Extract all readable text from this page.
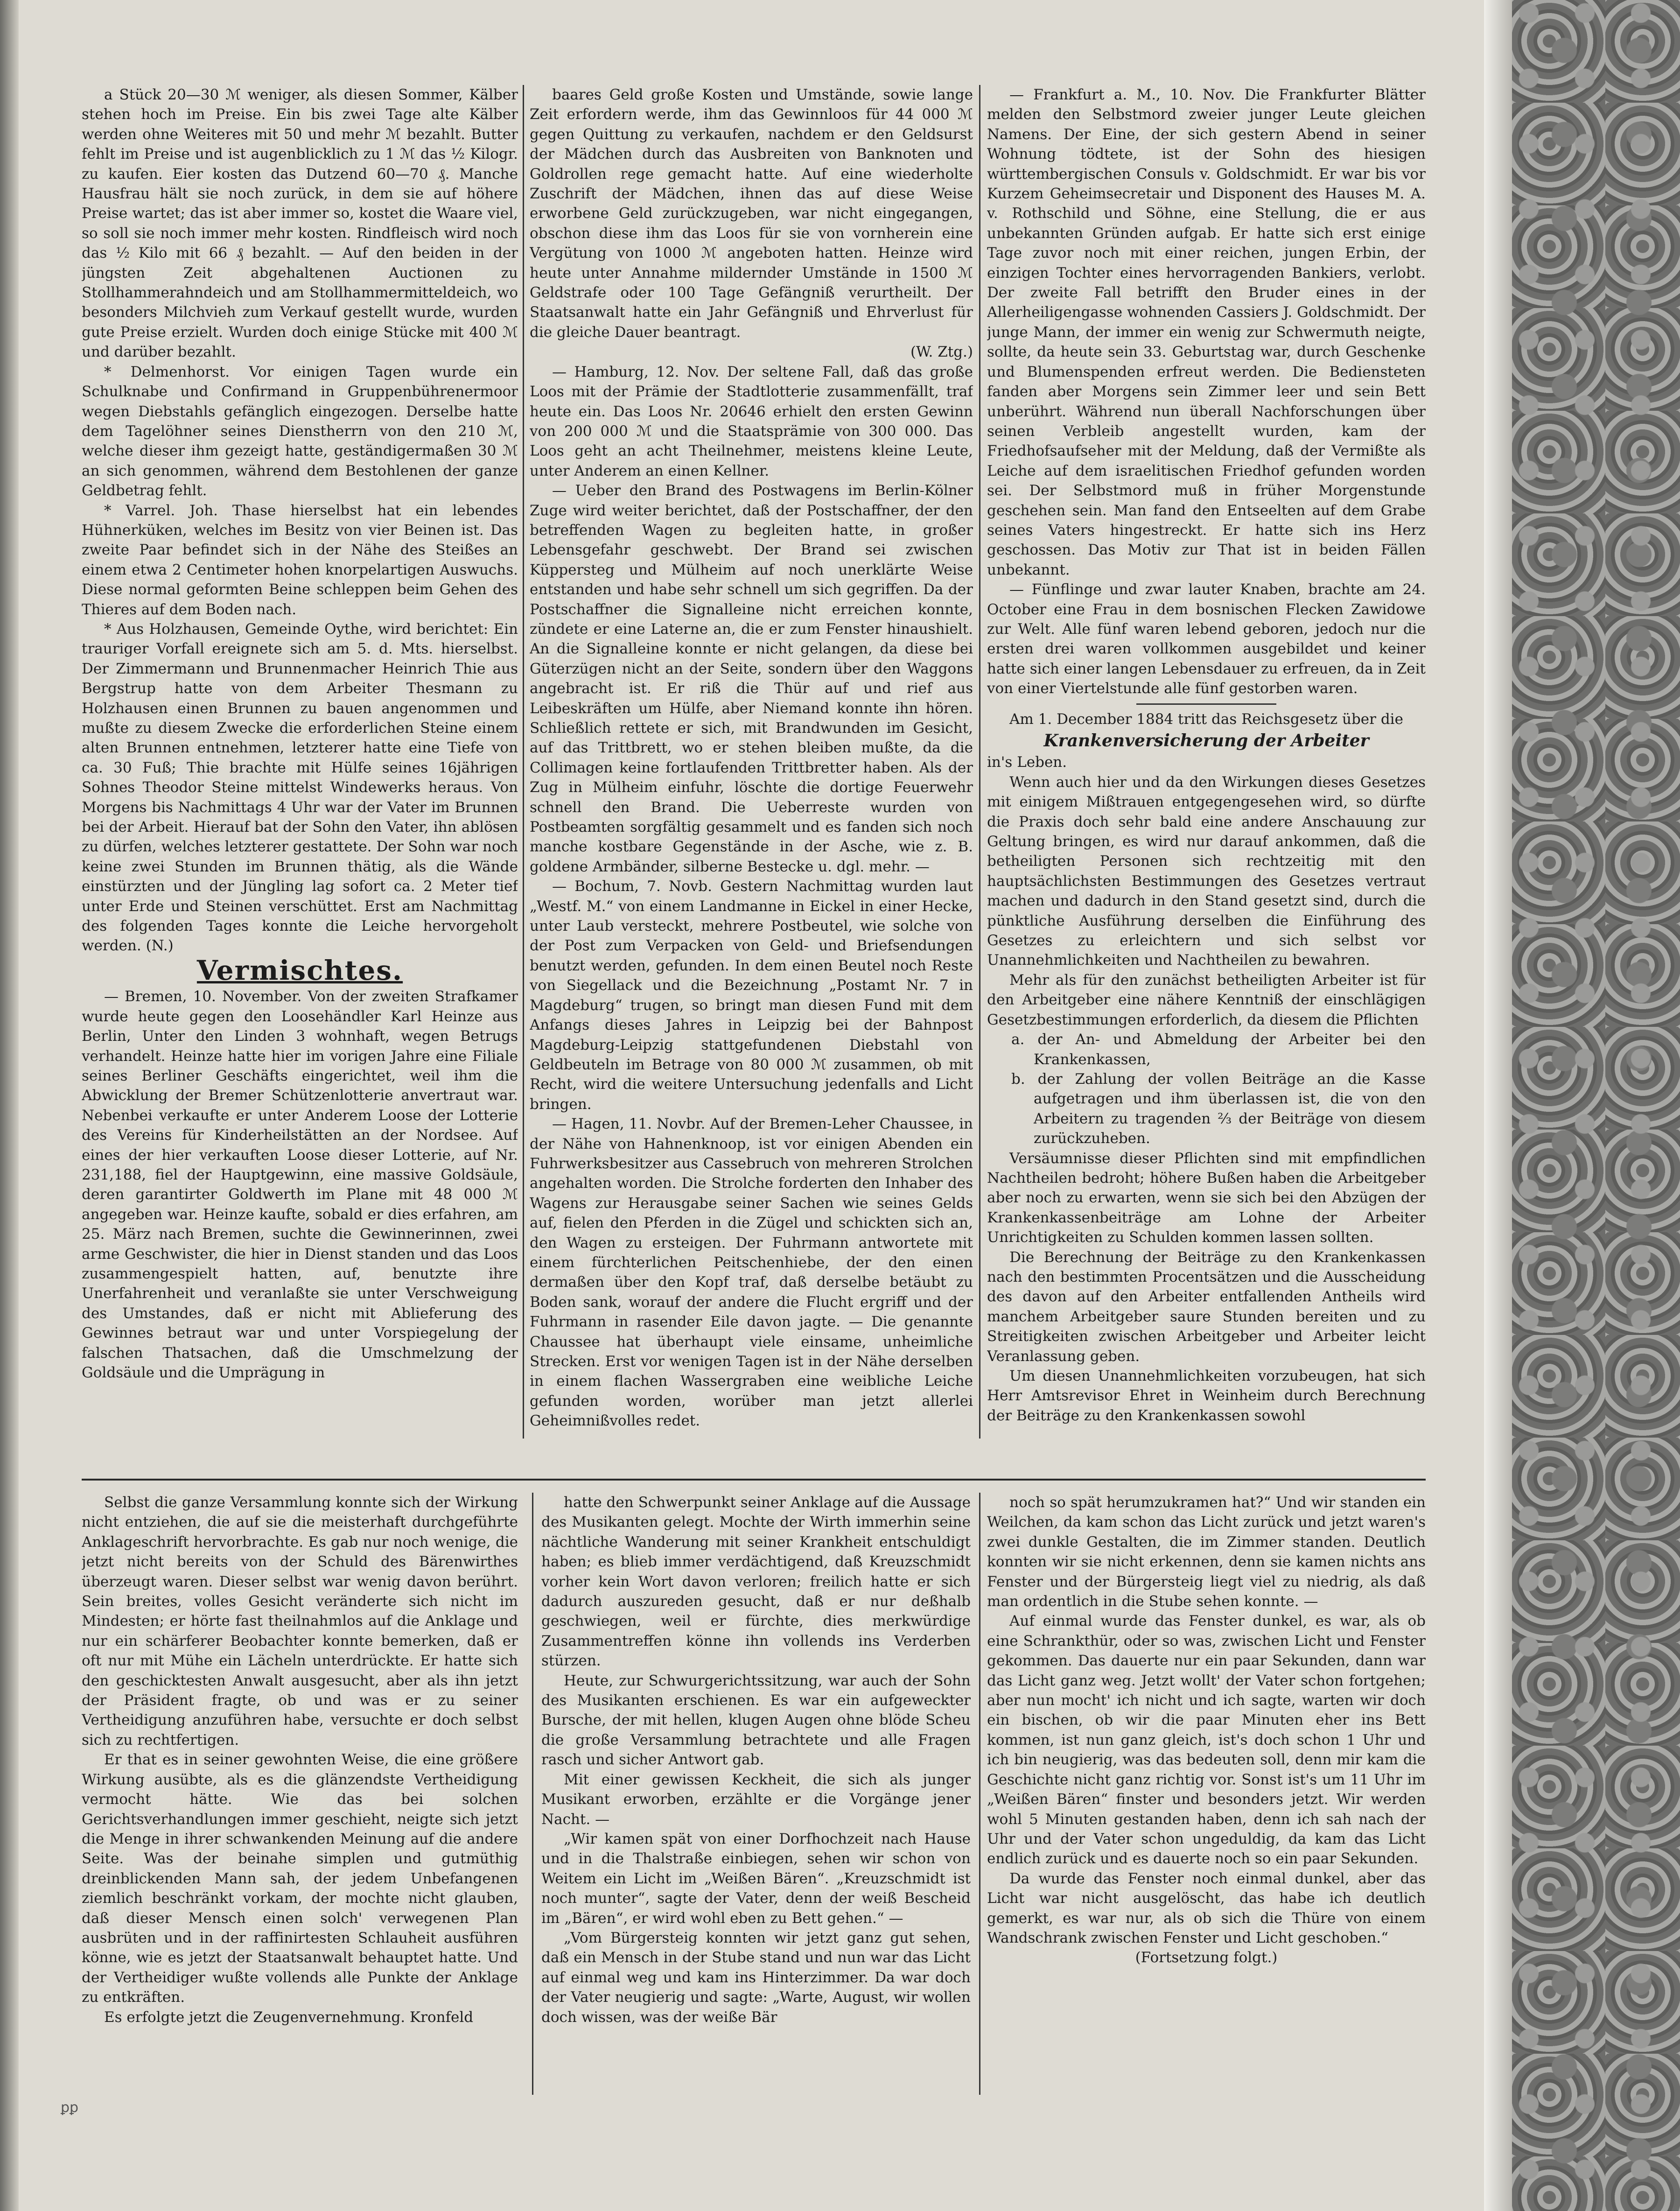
a Stück 20—30 ℳ weniger, als diesen Sommer, Kälber stehen hoch im Preise. Ein bis zwei Tage alte Kälber werden ohne Weiteres mit 50 und mehr ℳ bezahlt. Butter fehlt im Preise und ist augenblicklich zu 1 ℳ das ½ Kilogr. zu kaufen. Eier kosten das Dutzend 60—70 ₰. Manche Hausfrau hält sie noch zurück, in dem sie auf höhere Preise wartet; das ist aber immer so, kostet die Waare viel, so soll sie noch immer mehr kosten. Rindfleisch wird noch das ½ Kilo mit 66 ₰ bezahlt. — Auf den beiden in der jüngsten Zeit abgehaltenen Auctionen zu Stollhammerahndeich und am Stollhammermitteldeich, wo besonders Milchvieh zum Verkauf gestellt wurde, wurden gute Preise erzielt. Wurden doch einige Stücke mit 400 ℳ und darüber bezahlt.

* Delmenhorst. Vor einigen Tagen wurde ein Schulknabe und Confirmand in Gruppenbührenermoor wegen Diebstahls gefänglich eingezogen. Derselbe hatte dem Tagelöhner seines Dienstherrn von den 210 ℳ, welche dieser ihm gezeigt hatte, geständigermaßen 30 ℳ an sich genommen, während dem Bestohlenen der ganze Geldbetrag fehlt.

* Varrel. Joh. Thase hierselbst hat ein lebendes Hühnerküken, welches im Besitz von vier Beinen ist. Das zweite Paar befindet sich in der Nähe des Steißes an einem etwa 2 Centimeter hohen knorpelartigen Auswuchs. Diese normal geformten Beine schleppen beim Gehen des Thieres auf dem Boden nach.

* Aus Holzhausen, Gemeinde Oythe, wird berichtet: Ein trauriger Vorfall ereignete sich am 5. d. Mts. hierselbst. Der Zimmermann und Brunnenmacher Heinrich Thie aus Bergstrup hatte von dem Arbeiter Thesmann zu Holzhausen einen Brunnen zu bauen angenommen und mußte zu diesem Zwecke die erforderlichen Steine einem alten Brunnen entnehmen, letzterer hatte eine Tiefe von ca. 30 Fuß; Thie brachte mit Hülfe seines 16jährigen Sohnes Theodor Steine mittelst Windewerks heraus. Von Morgens bis Nachmittags 4 Uhr war der Vater im Brunnen bei der Arbeit. Hierauf bat der Sohn den Vater, ihn ablösen zu dürfen, welches letzterer gestattete. Der Sohn war noch keine zwei Stunden im Brunnen thätig, als die Wände einstürzten und der Jüngling lag sofort ca. 2 Meter tief unter Erde und Steinen verschüttet. Erst am Nachmittag des folgenden Tages konnte die Leiche hervorgeholt werden. (N.)

Vermischtes.

— Bremen, 10. November. Von der zweiten Strafkamer wurde heute gegen den Loosehändler Karl Heinze aus Berlin, Unter den Linden 3 wohnhaft, wegen Betrugs verhandelt. Heinze hatte hier im vorigen Jahre eine Filiale seines Berliner Geschäfts eingerichtet, weil ihm die Abwicklung der Bremer Schützenlotterie anvertraut war. Nebenbei verkaufte er unter Anderem Loose der Lotterie des Vereins für Kinderheilstätten an der Nordsee. Auf eines der hier verkauften Loose dieser Lotterie, auf Nr. 231,188, fiel der Hauptgewinn, eine massive Goldsäule, deren garantirter Goldwerth im Plane mit 48 000 ℳ angegeben war. Heinze kaufte, sobald er dies erfahren, am 25. März nach Bremen, suchte die Gewinnerinnen, zwei arme Geschwister, die hier in Dienst standen und das Loos zusammengespielt hatten, auf, benutzte ihre Unerfahrenheit und veranlaßte sie unter Verschweigung des Umstandes, daß er nicht mit Ablieferung des Gewinnes betraut war und unter Vorspiegelung der falschen Thatsachen, daß die Umschmelzung der Goldsäule und die Umprägung in

baares Geld große Kosten und Umstände, sowie lange Zeit erfordern werde, ihm das Gewinnloos für 44 000 ℳ gegen Quittung zu verkaufen, nachdem er den Geldsurst der Mädchen durch das Ausbreiten von Banknoten und Goldrollen rege gemacht hatte. Auf eine wiederholte Zuschrift der Mädchen, ihnen das auf diese Weise erworbene Geld zurückzugeben, war nicht eingegangen, obschon diese ihm das Loos für sie von vornherein eine Vergütung von 1000 ℳ angeboten hatten. Heinze wird heute unter Annahme mildernder Umstände in 1500 ℳ Geldstrafe oder 100 Tage Gefängniß verurtheilt. Der Staatsanwalt hatte ein Jahr Gefängniß und Ehrverlust für die gleiche Dauer beantragt.

(W. Ztg.)

— Hamburg, 12. Nov. Der seltene Fall, daß das große Loos mit der Prämie der Stadtlotterie zusammenfällt, traf heute ein. Das Loos Nr. 20646 erhielt den ersten Gewinn von 200 000 ℳ und die Staatsprämie von 300 000. Das Loos geht an acht Theilnehmer, meistens kleine Leute, unter Anderem an einen Kellner.

— Ueber den Brand des Postwagens im Berlin-Kölner Zuge wird weiter berichtet, daß der Postschaffner, der den betreffenden Wagen zu begleiten hatte, in großer Lebensgefahr geschwebt. Der Brand sei zwischen Küppersteg und Mülheim auf noch unerklärte Weise entstanden und habe sehr schnell um sich gegriffen. Da der Postschaffner die Signalleine nicht erreichen konnte, zündete er eine Laterne an, die er zum Fenster hinaushielt. An die Signalleine konnte er nicht gelangen, da diese bei Güterzügen nicht an der Seite, sondern über den Waggons angebracht ist. Er riß die Thür auf und rief aus Leibeskräften um Hülfe, aber Niemand konnte ihn hören. Schließlich rettete er sich, mit Brandwunden im Gesicht, auf das Trittbrett, wo er stehen bleiben mußte, da die Collimagen keine fortlaufenden Trittbretter haben. Als der Zug in Mülheim einfuhr, löschte die dortige Feuerwehr schnell den Brand. Die Ueberreste wurden von Postbeamten sorgfältig gesammelt und es fanden sich noch manche kostbare Gegenstände in der Asche, wie z. B. goldene Armbänder, silberne Bestecke u. dgl. mehr. —

— Bochum, 7. Novb. Gestern Nachmittag wurden laut „Westf. M.“ von einem Landmanne in Eickel in einer Hecke, unter Laub versteckt, mehrere Postbeutel, wie solche von der Post zum Verpacken von Geld- und Briefsendungen benutzt werden, gefunden. In dem einen Beutel noch Reste von Siegellack und die Bezeichnung „Postamt Nr. 7 in Magdeburg“ trugen, so bringt man diesen Fund mit dem Anfangs dieses Jahres in Leipzig bei der Bahnpost Magdeburg-Leipzig stattgefundenen Diebstahl von Geldbeuteln im Betrage von 80 000 ℳ zusammen, ob mit Recht, wird die weitere Untersuchung jedenfalls and Licht bringen.

— Hagen, 11. Novbr. Auf der Bremen-Leher Chaussee, in der Nähe von Hahnenknoop, ist vor einigen Abenden ein Fuhrwerksbesitzer aus Cassebruch von mehreren Strolchen angehalten worden. Die Strolche forderten den Inhaber des Wagens zur Herausgabe seiner Sachen wie seines Gelds auf, fielen den Pferden in die Zügel und schickten sich an, den Wagen zu ersteigen. Der Fuhrmann antwortete mit einem fürchterlichen Peitschenhiebe, der den einen dermaßen über den Kopf traf, daß derselbe betäubt zu Boden sank, worauf der andere die Flucht ergriff und der Fuhrmann in rasender Eile davon jagte. — Die genannte Chaussee hat überhaupt viele einsame, unheimliche Strecken. Erst vor wenigen Tagen ist in der Nähe derselben in einem flachen Wassergraben eine weibliche Leiche gefunden worden, worüber man jetzt allerlei Geheimnißvolles redet.

— Frankfurt a. M., 10. Nov. Die Frankfurter Blätter melden den Selbstmord zweier junger Leute gleichen Namens. Der Eine, der sich gestern Abend in seiner Wohnung tödtete, ist der Sohn des hiesigen württembergischen Consuls v. Goldschmidt. Er war bis vor Kurzem Geheimsecretair und Disponent des Hauses M. A. v. Rothschild und Söhne, eine Stellung, die er aus unbekannten Gründen aufgab. Er hatte sich erst einige Tage zuvor noch mit einer reichen, jungen Erbin, der einzigen Tochter eines hervorragenden Bankiers, verlobt. Der zweite Fall betrifft den Bruder eines in der Allerheiligengasse wohnenden Cassiers J. Goldschmidt. Der junge Mann, der immer ein wenig zur Schwermuth neigte, sollte, da heute sein 33. Geburtstag war, durch Geschenke und Blumenspenden erfreut werden. Die Bediensteten fanden aber Morgens sein Zimmer leer und sein Bett unberührt. Während nun überall Nachforschungen über seinen Verbleib angestellt wurden, kam der Friedhofsaufseher mit der Meldung, daß der Vermißte als Leiche auf dem israelitischen Friedhof gefunden worden sei. Der Selbstmord muß in früher Morgenstunde geschehen sein. Man fand den Entseelten auf dem Grabe seines Vaters hingestreckt. Er hatte sich ins Herz geschossen. Das Motiv zur That ist in beiden Fällen unbekannt.

— Fünflinge und zwar lauter Knaben, brachte am 24. October eine Frau in dem bosnischen Flecken Zawidowe zur Welt. Alle fünf waren lebend geboren, jedoch nur die ersten drei waren vollkommen ausgebildet und keiner hatte sich einer langen Lebensdauer zu erfreuen, da in Zeit von einer Viertelstunde alle fünf gestorben waren.

Am 1. December 1884 tritt das Reichsgesetz über die

Krankenversicherung der Arbeiter

in's Leben.

Wenn auch hier und da den Wirkungen dieses Gesetzes mit einigem Mißtrauen entgegengesehen wird, so dürfte die Praxis doch sehr bald eine andere Anschauung zur Geltung bringen, es wird nur darauf ankommen, daß die betheiligten Personen sich rechtzeitig mit den hauptsächlichsten Bestimmungen des Gesetzes vertraut machen und dadurch in den Stand gesetzt sind, durch die pünktliche Ausführung derselben die Einführung des Gesetzes zu erleichtern und sich selbst vor Unannehmlichkeiten und Nachtheilen zu bewahren.

Mehr als für den zunächst betheiligten Arbeiter ist für den Arbeitgeber eine nähere Kenntniß der einschlägigen Gesetzbestimmungen erforderlich, da diesem die Pflichten

a. der An- und Abmeldung der Arbeiter bei den Krankenkassen,

b. der Zahlung der vollen Beiträge an die Kasse aufgetragen und ihm überlassen ist, die von den Arbeitern zu tragenden ⅔ der Beiträge von diesem zurückzuheben.

Versäumnisse dieser Pflichten sind mit empfindlichen Nachtheilen bedroht; höhere Bußen haben die Arbeitgeber aber noch zu erwarten, wenn sie sich bei den Abzügen der Krankenkassenbeiträge am Lohne der Arbeiter Unrichtigkeiten zu Schulden kommen lassen sollten.

Die Berechnung der Beiträge zu den Krankenkassen nach den bestimmten Procentsätzen und die Ausscheidung des davon auf den Arbeiter entfallenden Antheils wird manchem Arbeitgeber saure Stunden bereiten und zu Streitigkeiten zwischen Arbeitgeber und Arbeiter leicht Veranlassung geben.

Um diesen Unannehmlichkeiten vorzubeugen, hat sich Herr Amtsrevisor Ehret in Weinheim durch Berechnung der Beiträge zu den Krankenkassen sowohl

Selbst die ganze Versammlung konnte sich der Wirkung nicht entziehen, die auf sie die meisterhaft durchgeführte Anklageschrift hervorbrachte. Es gab nur noch wenige, die jetzt nicht bereits von der Schuld des Bärenwirthes überzeugt waren. Dieser selbst war wenig davon berührt. Sein breites, volles Gesicht veränderte sich nicht im Mindesten; er hörte fast theilnahmlos auf die Anklage und nur ein schärferer Beobachter konnte bemerken, daß er oft nur mit Mühe ein Lächeln unterdrückte. Er hatte sich den geschicktesten Anwalt ausgesucht, aber als ihn jetzt der Präsident fragte, ob und was er zu seiner Vertheidigung anzuführen habe, versuchte er doch selbst sich zu rechtfertigen.

Er that es in seiner gewohnten Weise, die eine größere Wirkung ausübte, als es die glänzendste Vertheidigung vermocht hätte. Wie das bei solchen Gerichtsverhandlungen immer geschieht, neigte sich jetzt die Menge in ihrer schwankenden Meinung auf die andere Seite. Was der beinahe simplen und gutmüthig dreinblickenden Mann sah, der jedem Unbefangenen ziemlich beschränkt vorkam, der mochte nicht glauben, daß dieser Mensch einen solch' verwegenen Plan ausbrüten und in der raffinirtesten Schlauheit ausführen könne, wie es jetzt der Staatsanwalt behauptet hatte. Und der Vertheidiger wußte vollends alle Punkte der Anklage zu entkräften.

Es erfolgte jetzt die Zeugenvernehmung. Kronfeld

hatte den Schwerpunkt seiner Anklage auf die Aussage des Musikanten gelegt. Mochte der Wirth immerhin seine nächtliche Wanderung mit seiner Krankheit entschuldigt haben; es blieb immer verdächtigend, daß Kreuzschmidt vorher kein Wort davon verloren; freilich hatte er sich dadurch auszureden gesucht, daß er nur deßhalb geschwiegen, weil er fürchte, dies merkwürdige Zusammentreffen könne ihn vollends ins Verderben stürzen.

Heute, zur Schwurgerichtssitzung, war auch der Sohn des Musikanten erschienen. Es war ein aufgeweckter Bursche, der mit hellen, klugen Augen ohne blöde Scheu die große Versammlung betrachtete und alle Fragen rasch und sicher Antwort gab.

Mit einer gewissen Keckheit, die sich als junger Musikant erworben, erzählte er die Vorgänge jener Nacht. —

„Wir kamen spät von einer Dorfhochzeit nach Hause und in die Thalstraße einbiegen, sehen wir schon von Weitem ein Licht im „Weißen Bären“. „Kreuzschmidt ist noch munter“, sagte der Vater, denn der weiß Bescheid im „Bären“, er wird wohl eben zu Bett gehen.“ —

„Vom Bürgersteig konnten wir jetzt ganz gut sehen, daß ein Mensch in der Stube stand und nun war das Licht auf einmal weg und kam ins Hinterzimmer. Da war doch der Vater neugierig und sagte: „Warte, August, wir wollen doch wissen, was der weiße Bär

noch so spät herumzukramen hat?“ Und wir standen ein Weilchen, da kam schon das Licht zurück und jetzt waren's zwei dunkle Gestalten, die im Zimmer standen. Deutlich konnten wir sie nicht erkennen, denn sie kamen nichts ans Fenster und der Bürgersteig liegt viel zu niedrig, als daß man ordentlich in die Stube sehen konnte. —

Auf einmal wurde das Fenster dunkel, es war, als ob eine Schrankthür, oder so was, zwischen Licht und Fenster gekommen. Das dauerte nur ein paar Sekunden, dann war das Licht ganz weg. Jetzt wollt' der Vater schon fortgehen; aber nun mocht' ich nicht und ich sagte, warten wir doch ein bischen, ob wir die paar Minuten eher ins Bett kommen, ist nun ganz gleich, ist's doch schon 1 Uhr und ich bin neugierig, was das bedeuten soll, denn mir kam die Geschichte nicht ganz richtig vor. Sonst ist's um 11 Uhr im „Weißen Bären“ finster und besonders jetzt. Wir werden wohl 5 Minuten gestanden haben, denn ich sah nach der Uhr und der Vater schon ungeduldig, da kam das Licht endlich zurück und es dauerte noch so ein paar Sekunden.

Da wurde das Fenster noch einmal dunkel, aber das Licht war nicht ausgelöscht, das habe ich deutlich gemerkt, es war nur, als ob sich die Thüre von einem Wandschrank zwischen Fenster und Licht geschoben.“

(Fortsetzung folgt.)

ꝑꝑ
